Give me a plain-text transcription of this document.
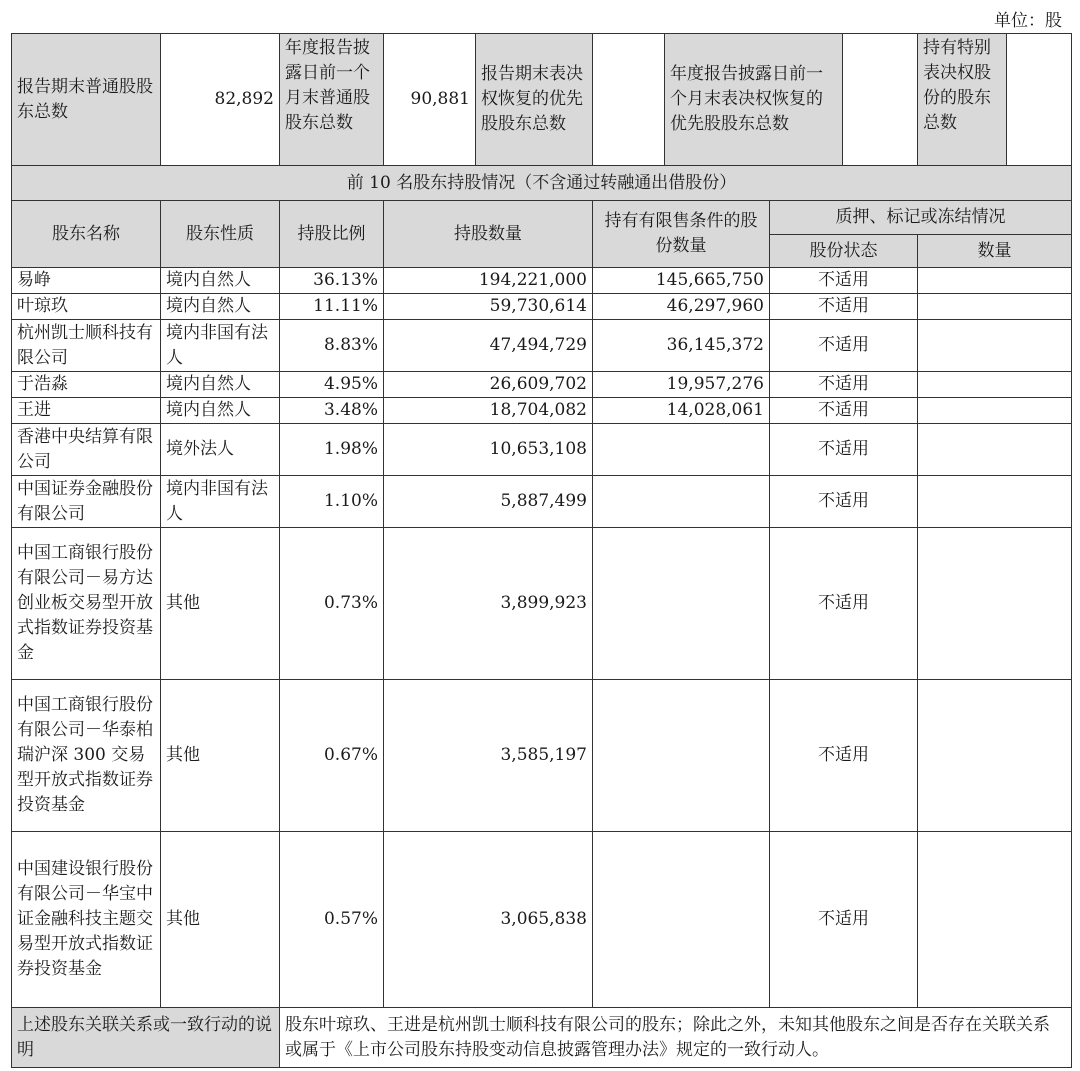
单位：股
报告期末普通股股东总数	82,892	年度报告披露日前一个月末普通股股东总数	90,881	报告期末表决权恢复的优先股股东总数		年度报告披露日前一个月末表决权恢复的优先股股东总数			持有特别表决权股份的股东总数	
前 10 名股东持股情况（不含通过转融通出借股份）										
股东名称	股东性质	持股比例	持股数量		持有有限售条件的股份数量		质押、标记或冻结情况			
							股份状态		数量	
易峥	境内自然人	36.13%	194,221,000		145,665,750		不适用			
叶琼玖	境内自然人	11.11%	59,730,614		46,297,960		不适用			
杭州凯士顺科技有限公司	境内非国有法人	8.83%	47,494,729		36,145,372		不适用			
于浩淼	境内自然人	4.95%	26,609,702		19,957,276		不适用			
王进	境内自然人	3.48%	18,704,082		14,028,061		不适用			
香港中央结算有限公司	境外法人	1.98%	10,653,108				不适用			
中国证券金融股份有限公司	境内非国有法人	1.10%	5,887,499				不适用			
中国工商银行股份有限公司－易方达创业板交易型开放式指数证券投资基金	其他	0.73%	3,899,923				不适用			
中国工商银行股份有限公司－华泰柏瑞沪深 300 交易型开放式指数证券投资基金	其他	0.67%	3,585,197				不适用			
中国建设银行股份有限公司－华宝中证金融科技主题交易型开放式指数证券投资基金	其他	0.57%	3,065,838				不适用			
上述股东关联关系或一致行动的说明		股东叶琼玖、王进是杭州凯士顺科技有限公司的股东；除此之外，未知其他股东之间是否存在关联关系或属于《上市公司股东持股变动信息披露管理办法》规定的一致行动人。								
